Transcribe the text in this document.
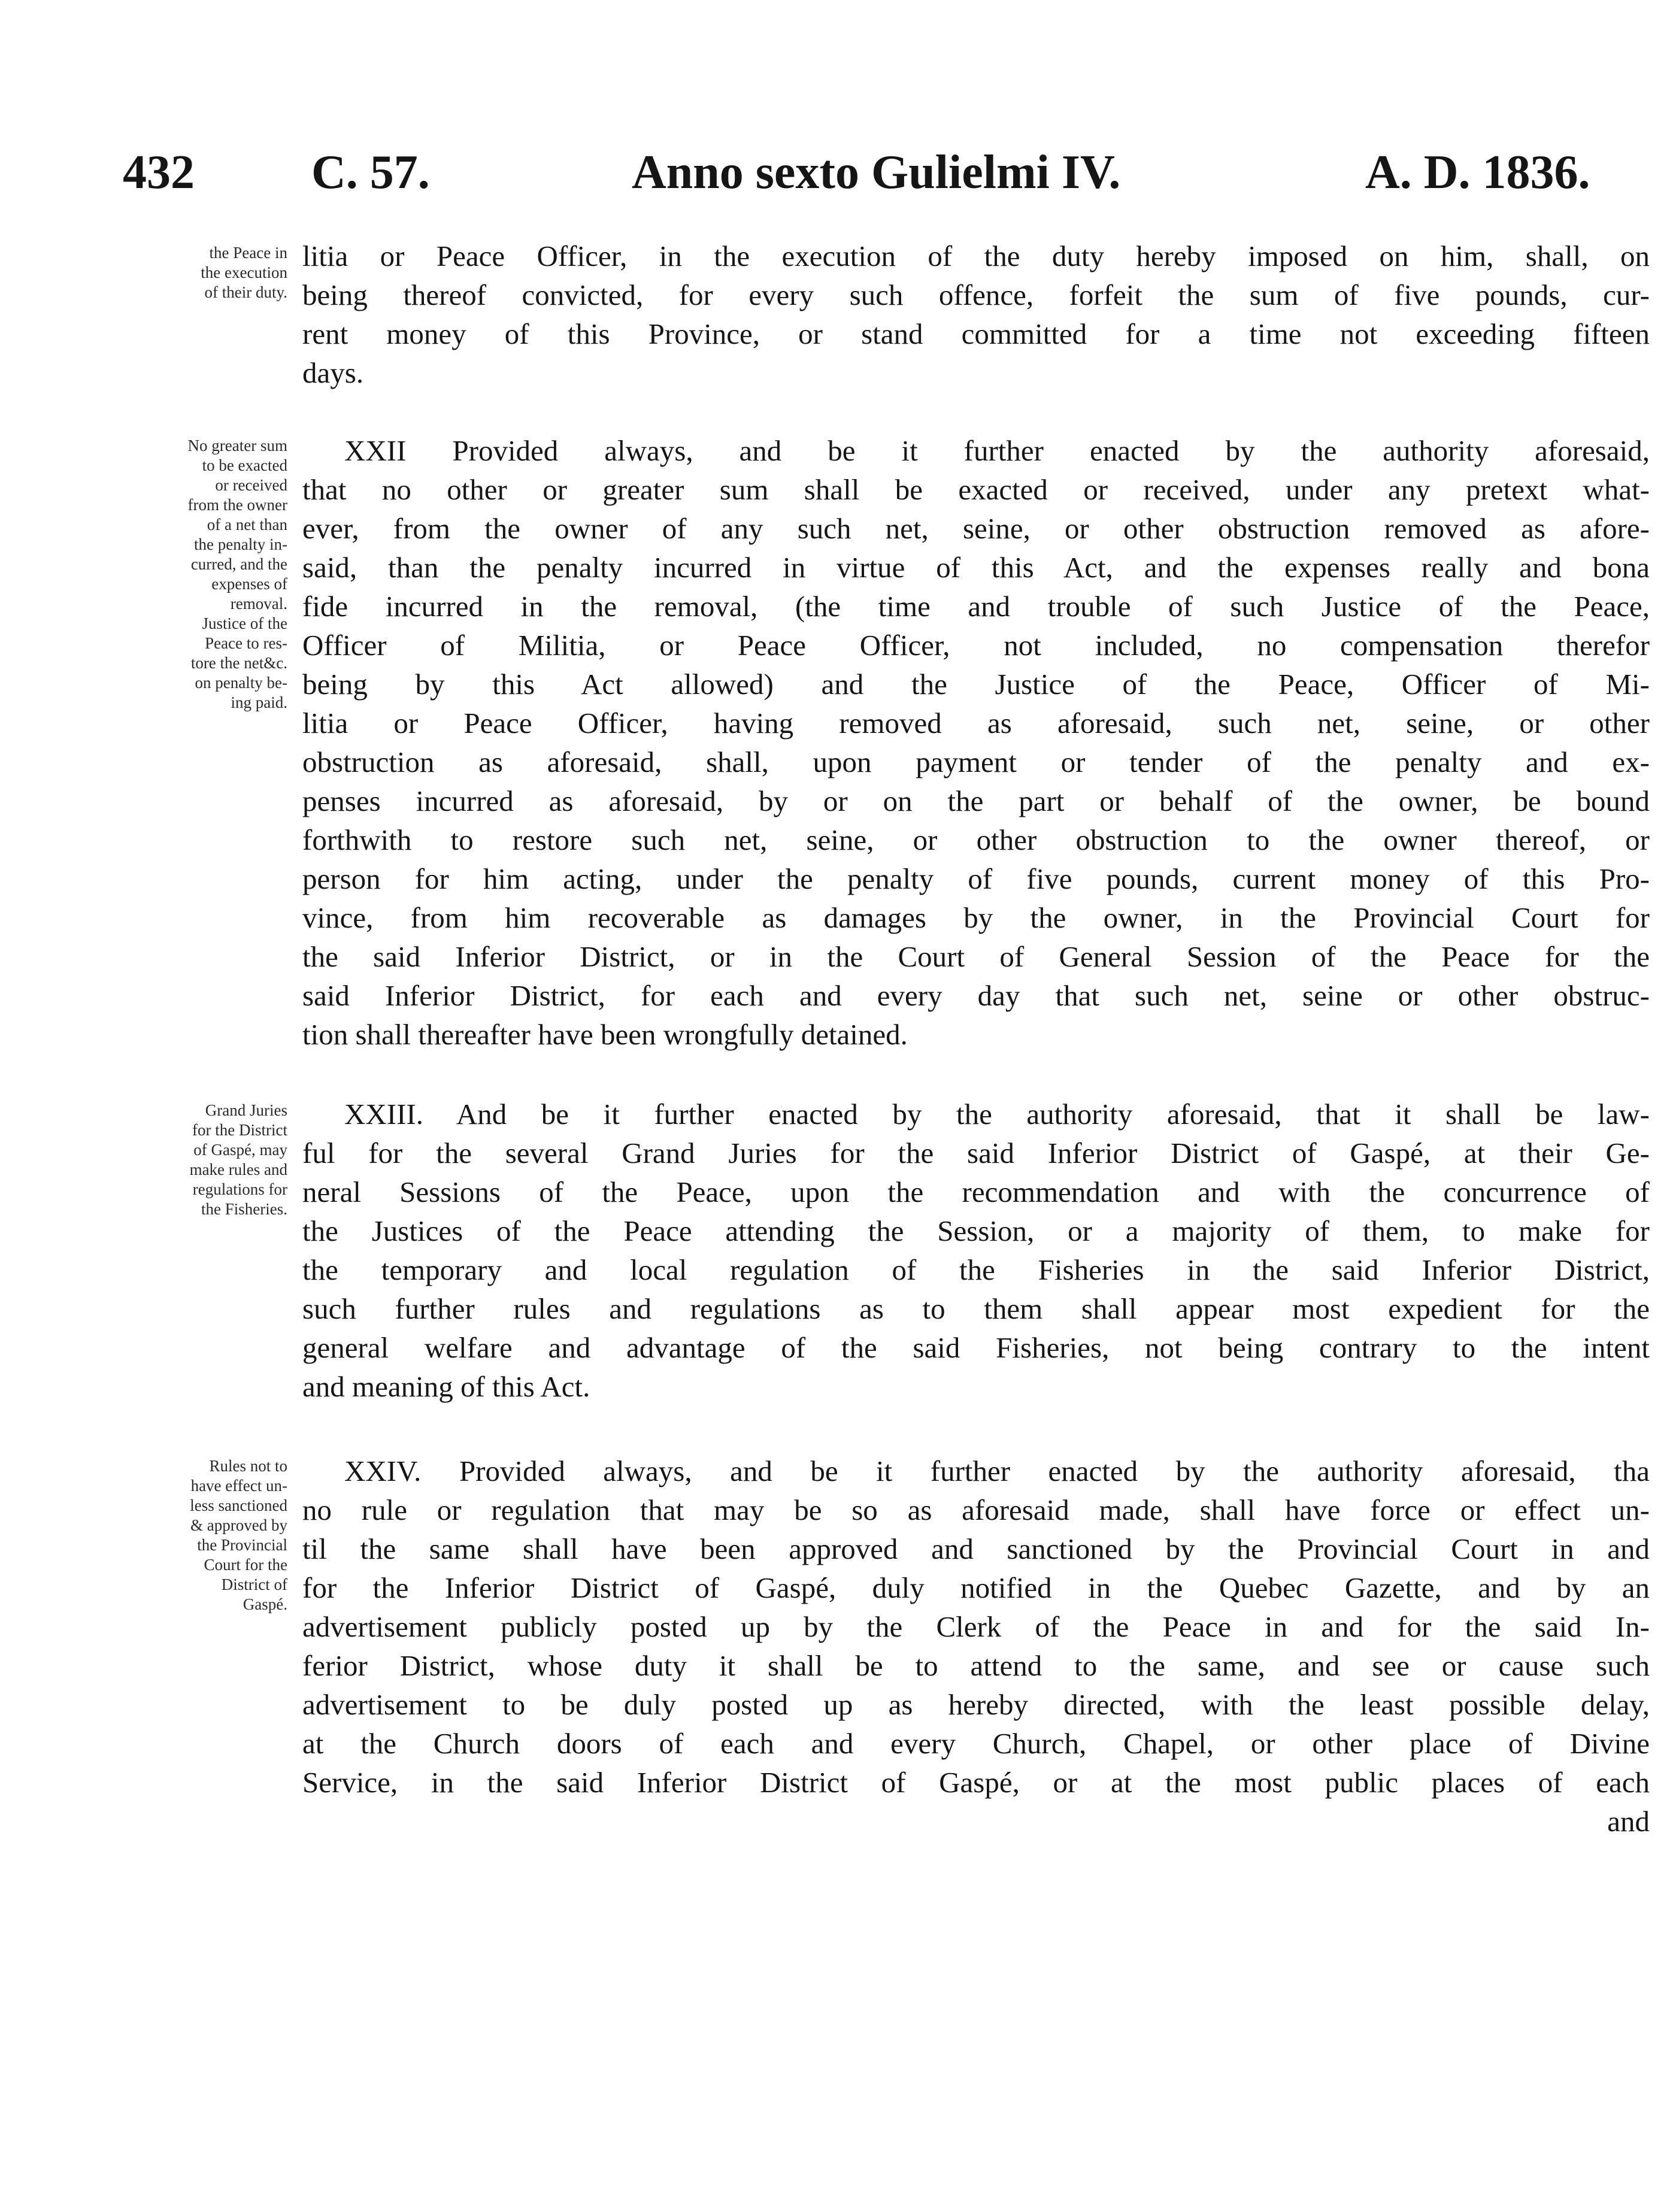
432 C. 57.	Anno sexto Gulielmi IV.	A. D. 1836.
the Peace in
the execution
of their duty.
No greater sum
to be exacted
or received
from the owner
of a net than
the penalty in-
curred, and the
expenses of
removal.
Justice of the
Peace to res-
tore the net&c.
on penalty be-
ing paid.
Grand Juries
for the District
of Gaspé, may
make rules and
regulations for
the Fisheries.
Rules not to
have effect un-
less sanctioned
& approved by
the Provincial
Court for the
District of
Gaspé.
litia or Peace Officer, in the execution of the duty hereby imposed on him, shall, on
being thereof convicted, for every such offence, forfeit the sum of five pounds, cur-
rent money of this Province, or stand committed for a time not exceeding fifteen
days.
XXII Provided always, and be it further enacted by the authority aforesaid,
that no other or greater sum shall be exacted or received, under any pretext what-
ever, from the owner of any such net, seine, or other obstruction removed as afore-
said, than the penalty incurred in virtue of this Act, and the expenses really and bona
fide incurred in the removal, (the time and trouble of such Justice of the Peace,
Officer of Militia, or Peace Officer, not included, no compensation therefor
being by this Act allowed) and the Justice of the Peace, Officer of Mi-
litia or Peace Officer, having removed as aforesaid, such net, seine, or other
obstruction as aforesaid, shall, upon payment or tender of the penalty and ex-
penses incurred as aforesaid, by or on the part or behalf of the owner, be bound
forthwith to restore such net, seine, or other obstruction to the owner thereof, or
person for him acting, under the penalty of five pounds, current money of this Pro-
vince, from him recoverable as damages by the owner, in the Provincial Court for
the said Inferior District, or in the Court of General Session of the Peace for the
said Inferior District, for each and every day that such net, seine or other obstruc-
tion shall thereafter have been wrongfully detained.
XXIII. And be it further enacted by the authority aforesaid, that it shall be law-
ful for the several Grand Juries for the said Inferior District of Gaspé, at their Ge-
neral Sessions of the Peace, upon the recommendation and with the concurrence of
the Justices of the Peace attending the Session, or a majority of them, to make for
the temporary and local regulation of the Fisheries in the said Inferior District,
such further rules and regulations as to them shall appear most expedient for the
general welfare and advantage of the said Fisheries, not being contrary to the intent
and meaning of this Act.
XXIV. Provided always, and be it further enacted by the authority aforesaid, tha
no rule or regulation that may be so as aforesaid made, shall have force or effect un-
til the same shall have been approved and sanctioned by the Provincial Court in and
for the Inferior District of Gaspé, duly notified in the Quebec Gazette, and by an
advertisement publicly posted up by the Clerk of the Peace in and for the said In-
ferior District, whose duty it shall be to attend to the same, and see or cause such
advertisement to be duly posted up as hereby directed, with the least possible delay,
at the Church doors of each and every Church, Chapel, or other place of Divine
Service, in the said Inferior District of Gaspé, or at the most public places of each
and
